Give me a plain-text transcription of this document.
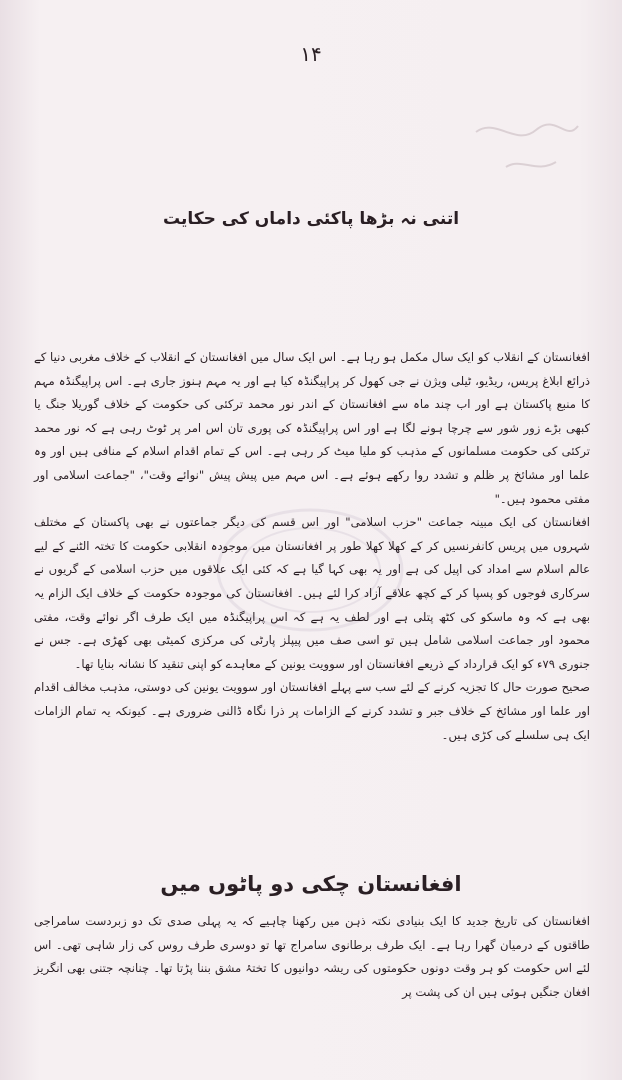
۱۴
اتنی نہ بڑھا پاکئی داماں کی حکایت

افغانستان کے انقلاب کو ایک سال مکمل ہو رہا ہے۔ اس ایک سال میں افغانستان کے انقلاب کے خلاف مغربی دنیا کے ذرائع ابلاغ پریس، ریڈیو، ٹیلی ویژن نے جی کھول کر پراپیگنڈہ کیا ہے اور یہ مہم ہنوز جاری ہے۔ اس پراپیگنڈہ مہم کا منبع پاکستان ہے اور اب چند ماہ سے افغانستان کے اندر نور محمد ترکئی کی حکومت کے خلاف گوریلا جنگ یا کبھی بڑے زور شور سے چرچا ہونے لگا ہے اور اس پراپیگنڈہ کی پوری تان اس امر پر ٹوٹ رہی ہے کہ نور محمد ترکئی کی حکومت مسلمانوں کے مذہب کو ملیا میٹ کر رہی ہے۔ اس کے تمام اقدام اسلام کے منافی ہیں اور وہ علما اور مشائخ پر ظلم و تشدد روا رکھے ہوئے ہے۔ اس مہم میں پیش پیش "نوائے وقت"، "جماعت اسلامی اور مفتی محمود ہیں۔"

افغانستان کی ایک مبینہ جماعت "حزب اسلامی" اور اس قسم کی دیگر جماعتوں نے بھی پاکستان کے مختلف شہروں میں پریس کانفرنسیں کر کے کھلا کھلا طور پر افغانستان میں موجودہ انقلابی حکومت کا تختہ الٹنے کے لیے عالم اسلام سے امداد کی اپیل کی ہے اور یہ بھی کہا گیا ہے کہ کئی ایک علاقوں میں حزب اسلامی کے گریوں نے سرکاری فوجوں کو پسپا کر کے کچھ علاقے آزاد کرا لئے ہیں۔ افغانستان کی موجودہ حکومت کے خلاف ایک الزام یہ بھی ہے کہ وہ ماسکو کی کٹھ پتلی ہے اور لطف یہ ہے کہ اس پراپیگنڈہ میں ایک طرف اگر نوائے وقت، مفتی محمود اور جماعت اسلامی شامل ہیں تو اسی صف میں پیپلز پارٹی کی مرکزی کمیٹی بھی کھڑی ہے۔ جس نے جنوری ۷۹ء کو ایک قرارداد کے ذریعے افغانستان اور سوویت یونین کے معاہدے کو اپنی تنقید کا نشانہ بنایا تھا۔

صحیح صورت حال کا تجزیہ کرنے کے لئے سب سے پہلے افغانستان اور سوویت یونین کی دوستی، مذہب مخالف اقدام اور علما اور مشائخ کے خلاف جبر و تشدد کرنے کے الزامات پر ذرا نگاہ ڈالنی ضروری ہے۔ کیونکہ یہ تمام الزامات ایک ہی سلسلے کی کڑی ہیں۔

افغانستان چکی دو پاٹوں میں

افغانستان کی تاریخ جدید کا ایک بنیادی نکتہ ذہن میں رکھنا چاہیے کہ یہ پہلی صدی تک دو زبردست سامراجی طاقتوں کے درمیان گھرا رہا ہے۔ ایک طرف برطانوی سامراج تھا تو دوسری طرف روس کی زار شاہی تھی۔ اس لئے اس حکومت کو ہر وقت دونوں حکومتوں کی ریشہ دوانیوں کا تختۂ مشق بننا پڑتا تھا۔ چنانچہ جتنی بھی انگریز افغان جنگیں ہوئی ہیں ان کی پشت پر
